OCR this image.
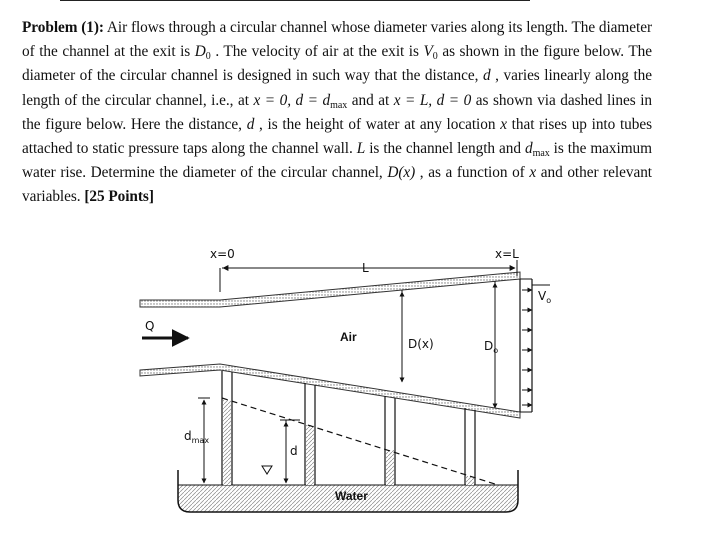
Problem (1): Air flows through a circular channel whose diameter varies along its length. The diameter of the channel at the exit is $D_0$ . The velocity of air at the exit is $V_0$ as shown in the figure below. The diameter of the circular channel is designed in such way that the distance, d , varies linearly along the length of the circular channel, i.e., at x = 0, $d = d_{max}$ and at x = L, d = 0 as shown via dashed lines in the figure below. Here the distance, d , is the height of water at any location x that rises up into tubes attached to static pressure taps along the channel wall. L is the channel length and $d_{max}$ is the maximum water rise. Determine the diameter of the circular channel, D(x) , as a function of x and other relevant variables. [25 Points]
x=0	x=L
L
Q
Air	D(x)	$D_o$
$V_o$
Water
$d_{max}$
d
